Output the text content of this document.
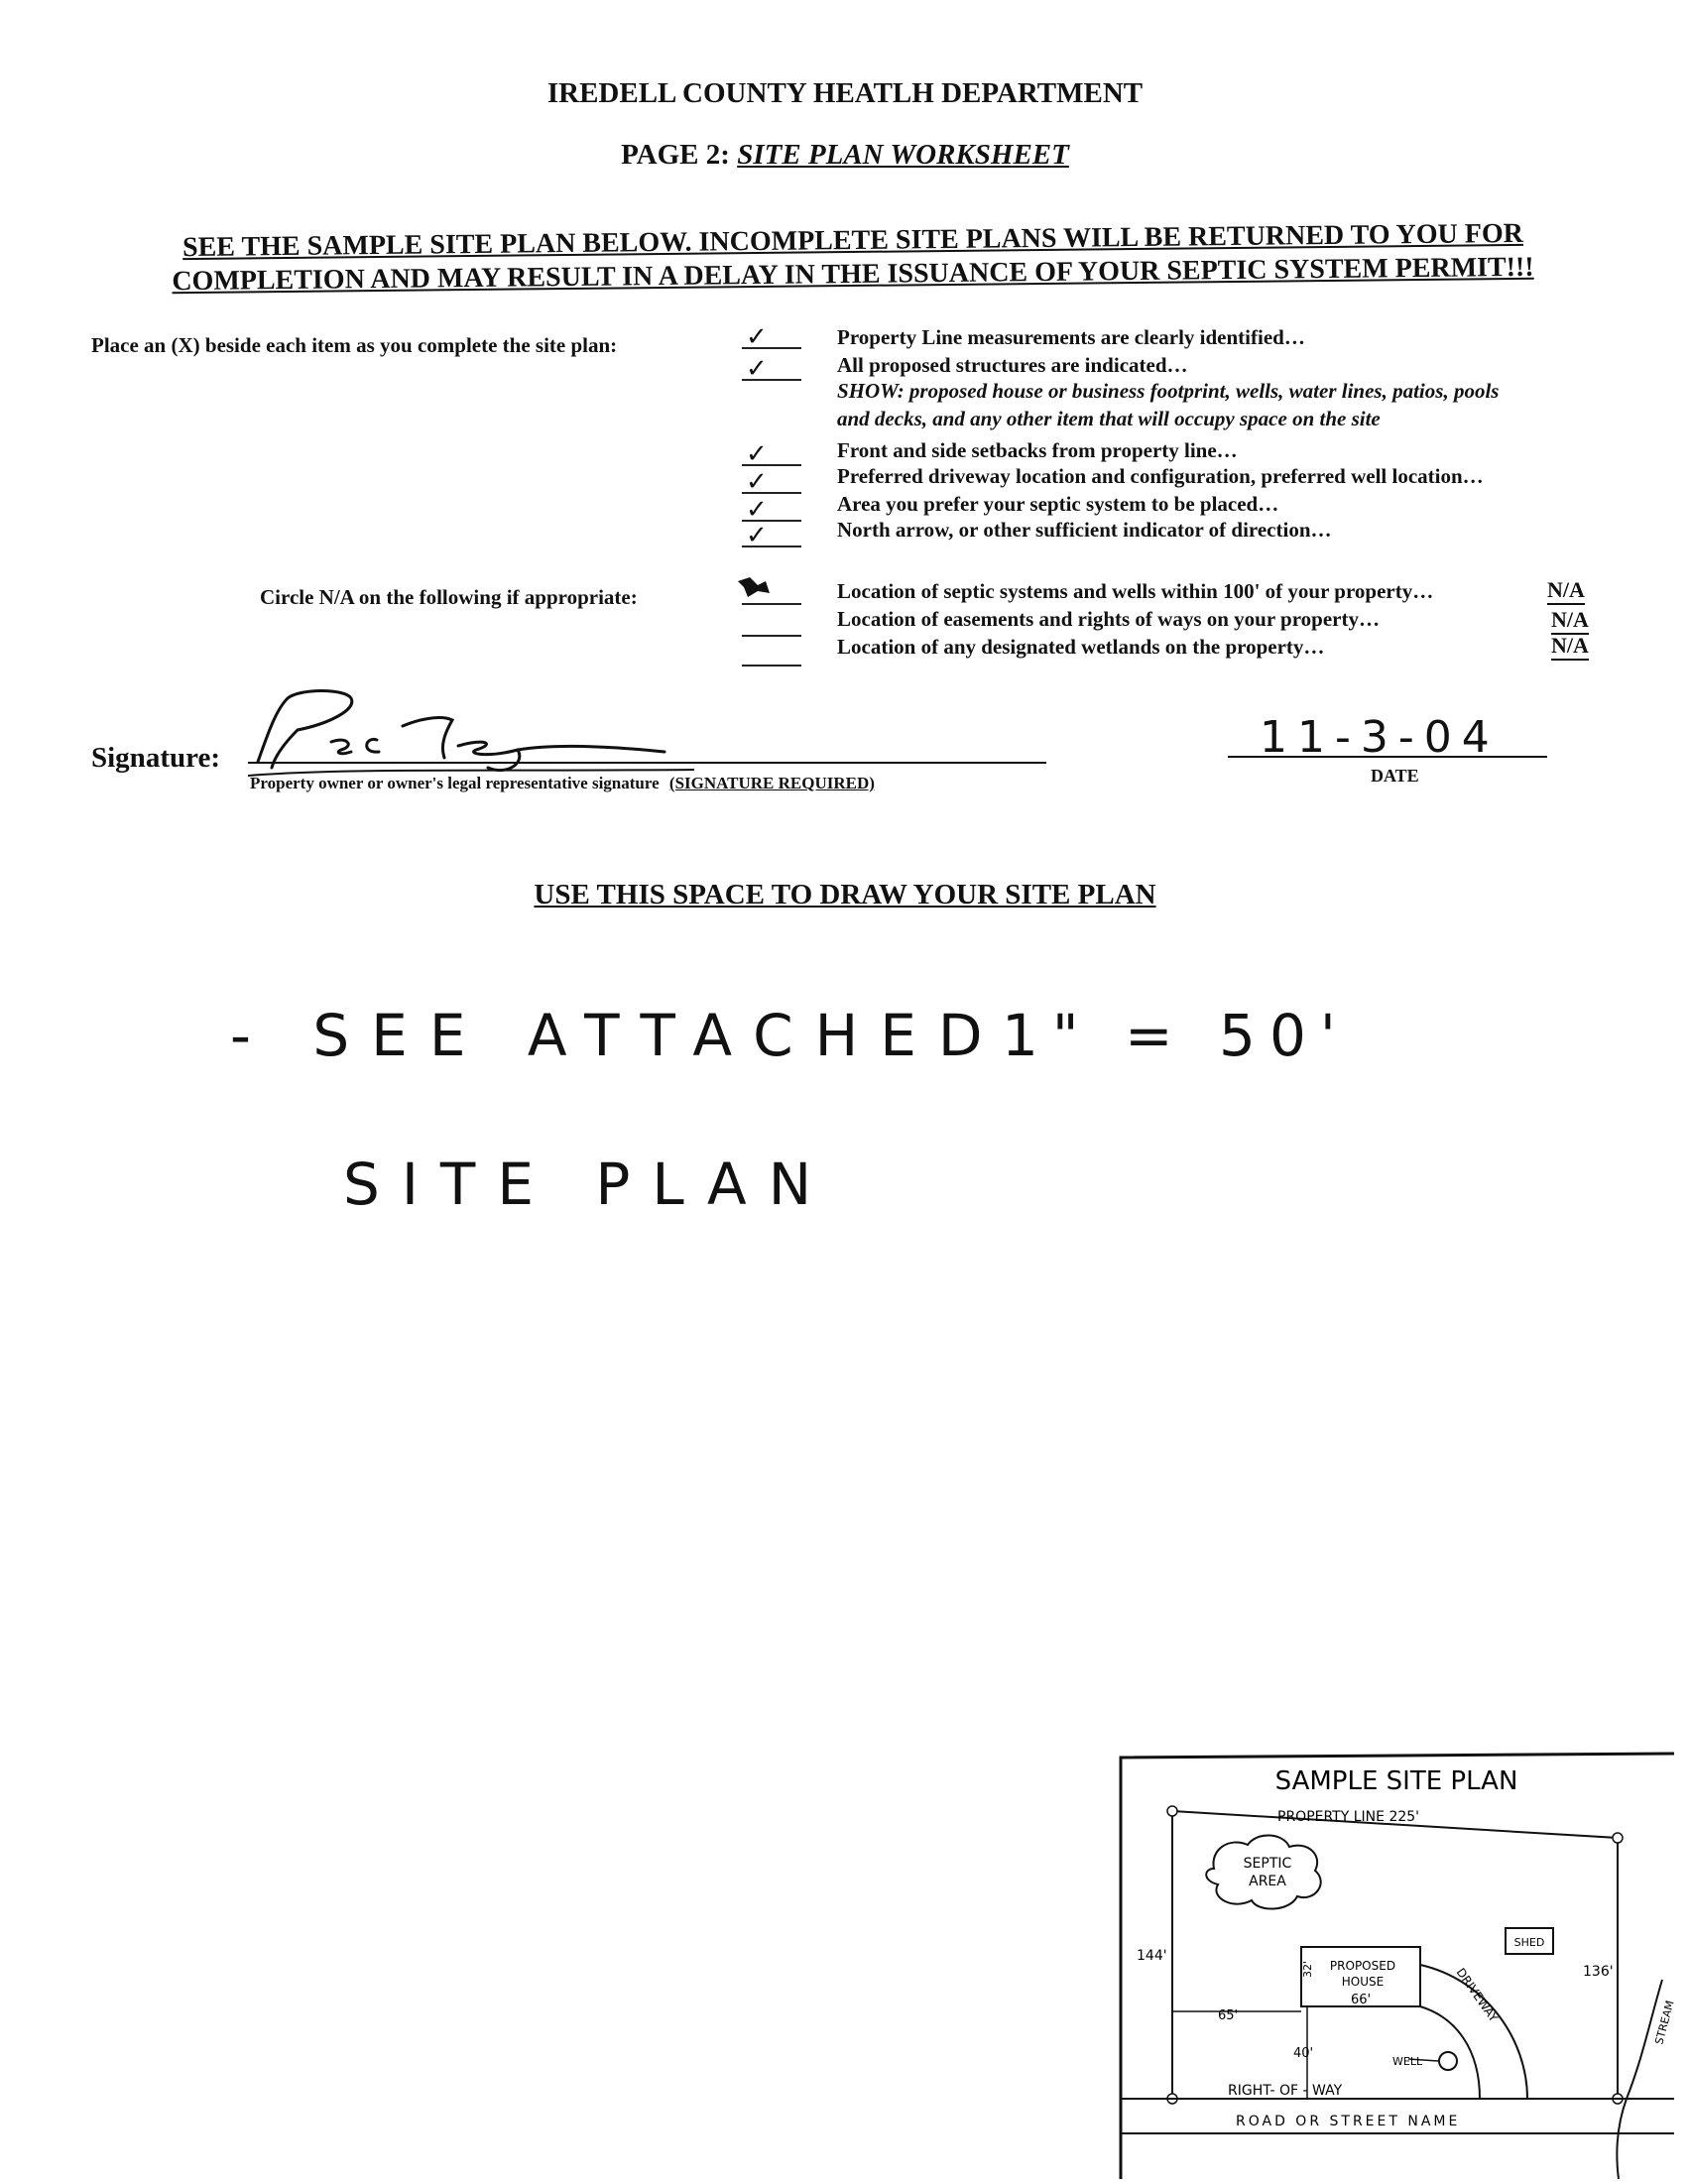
IREDELL COUNTY HEATLH DEPARTMENT
PAGE 2: SITE PLAN WORKSHEET
SEE THE SAMPLE SITE PLAN BELOW. INCOMPLETE SITE PLANS WILL BE RETURNED TO YOU FOR
COMPLETION AND MAY RESULT IN A DELAY IN THE ISSUANCE OF YOUR SEPTIC SYSTEM PERMIT!!!
Place an (X) beside each item as you complete the site plan:	✓
✓
✓
✓
✓
✓
Property Line measurements are clearly identified…
All proposed structures are indicated…
SHOW: proposed house or business footprint, wells, water lines, patios, pools
and decks, and any other item that will occupy space on the site
Front and side setbacks from property line…
Preferred driveway location and configuration, preferred well location…
Area you prefer your septic system to be placed…
North arrow, or other sufficient indicator of direction…
Circle N/A on the following if appropriate:	Location of septic systems and wells within 100' of your property…
Location of easements and rights of ways on your property…
Location of any designated wetlands on the property…
N/A
N/A
N/A
Signature:
Property owner or owner's legal representative signature (SIGNATURE REQUIRED)
11-3-04
DATE
USE THIS SPACE TO DRAW YOUR SITE PLAN
- SEE ATTACHED
1" = 50'
SITE PLAN
SAMPLE SITE PLAN
PROPERTY LINE 225'
SEPTIC
AREA
SHED
144'
136'
PROPOSED
HOUSE
66'
32'
65'
40'
WELL
DRIVEWAY
RIGHT- OF - WAY
ROAD OR STREET NAME
STREAM
